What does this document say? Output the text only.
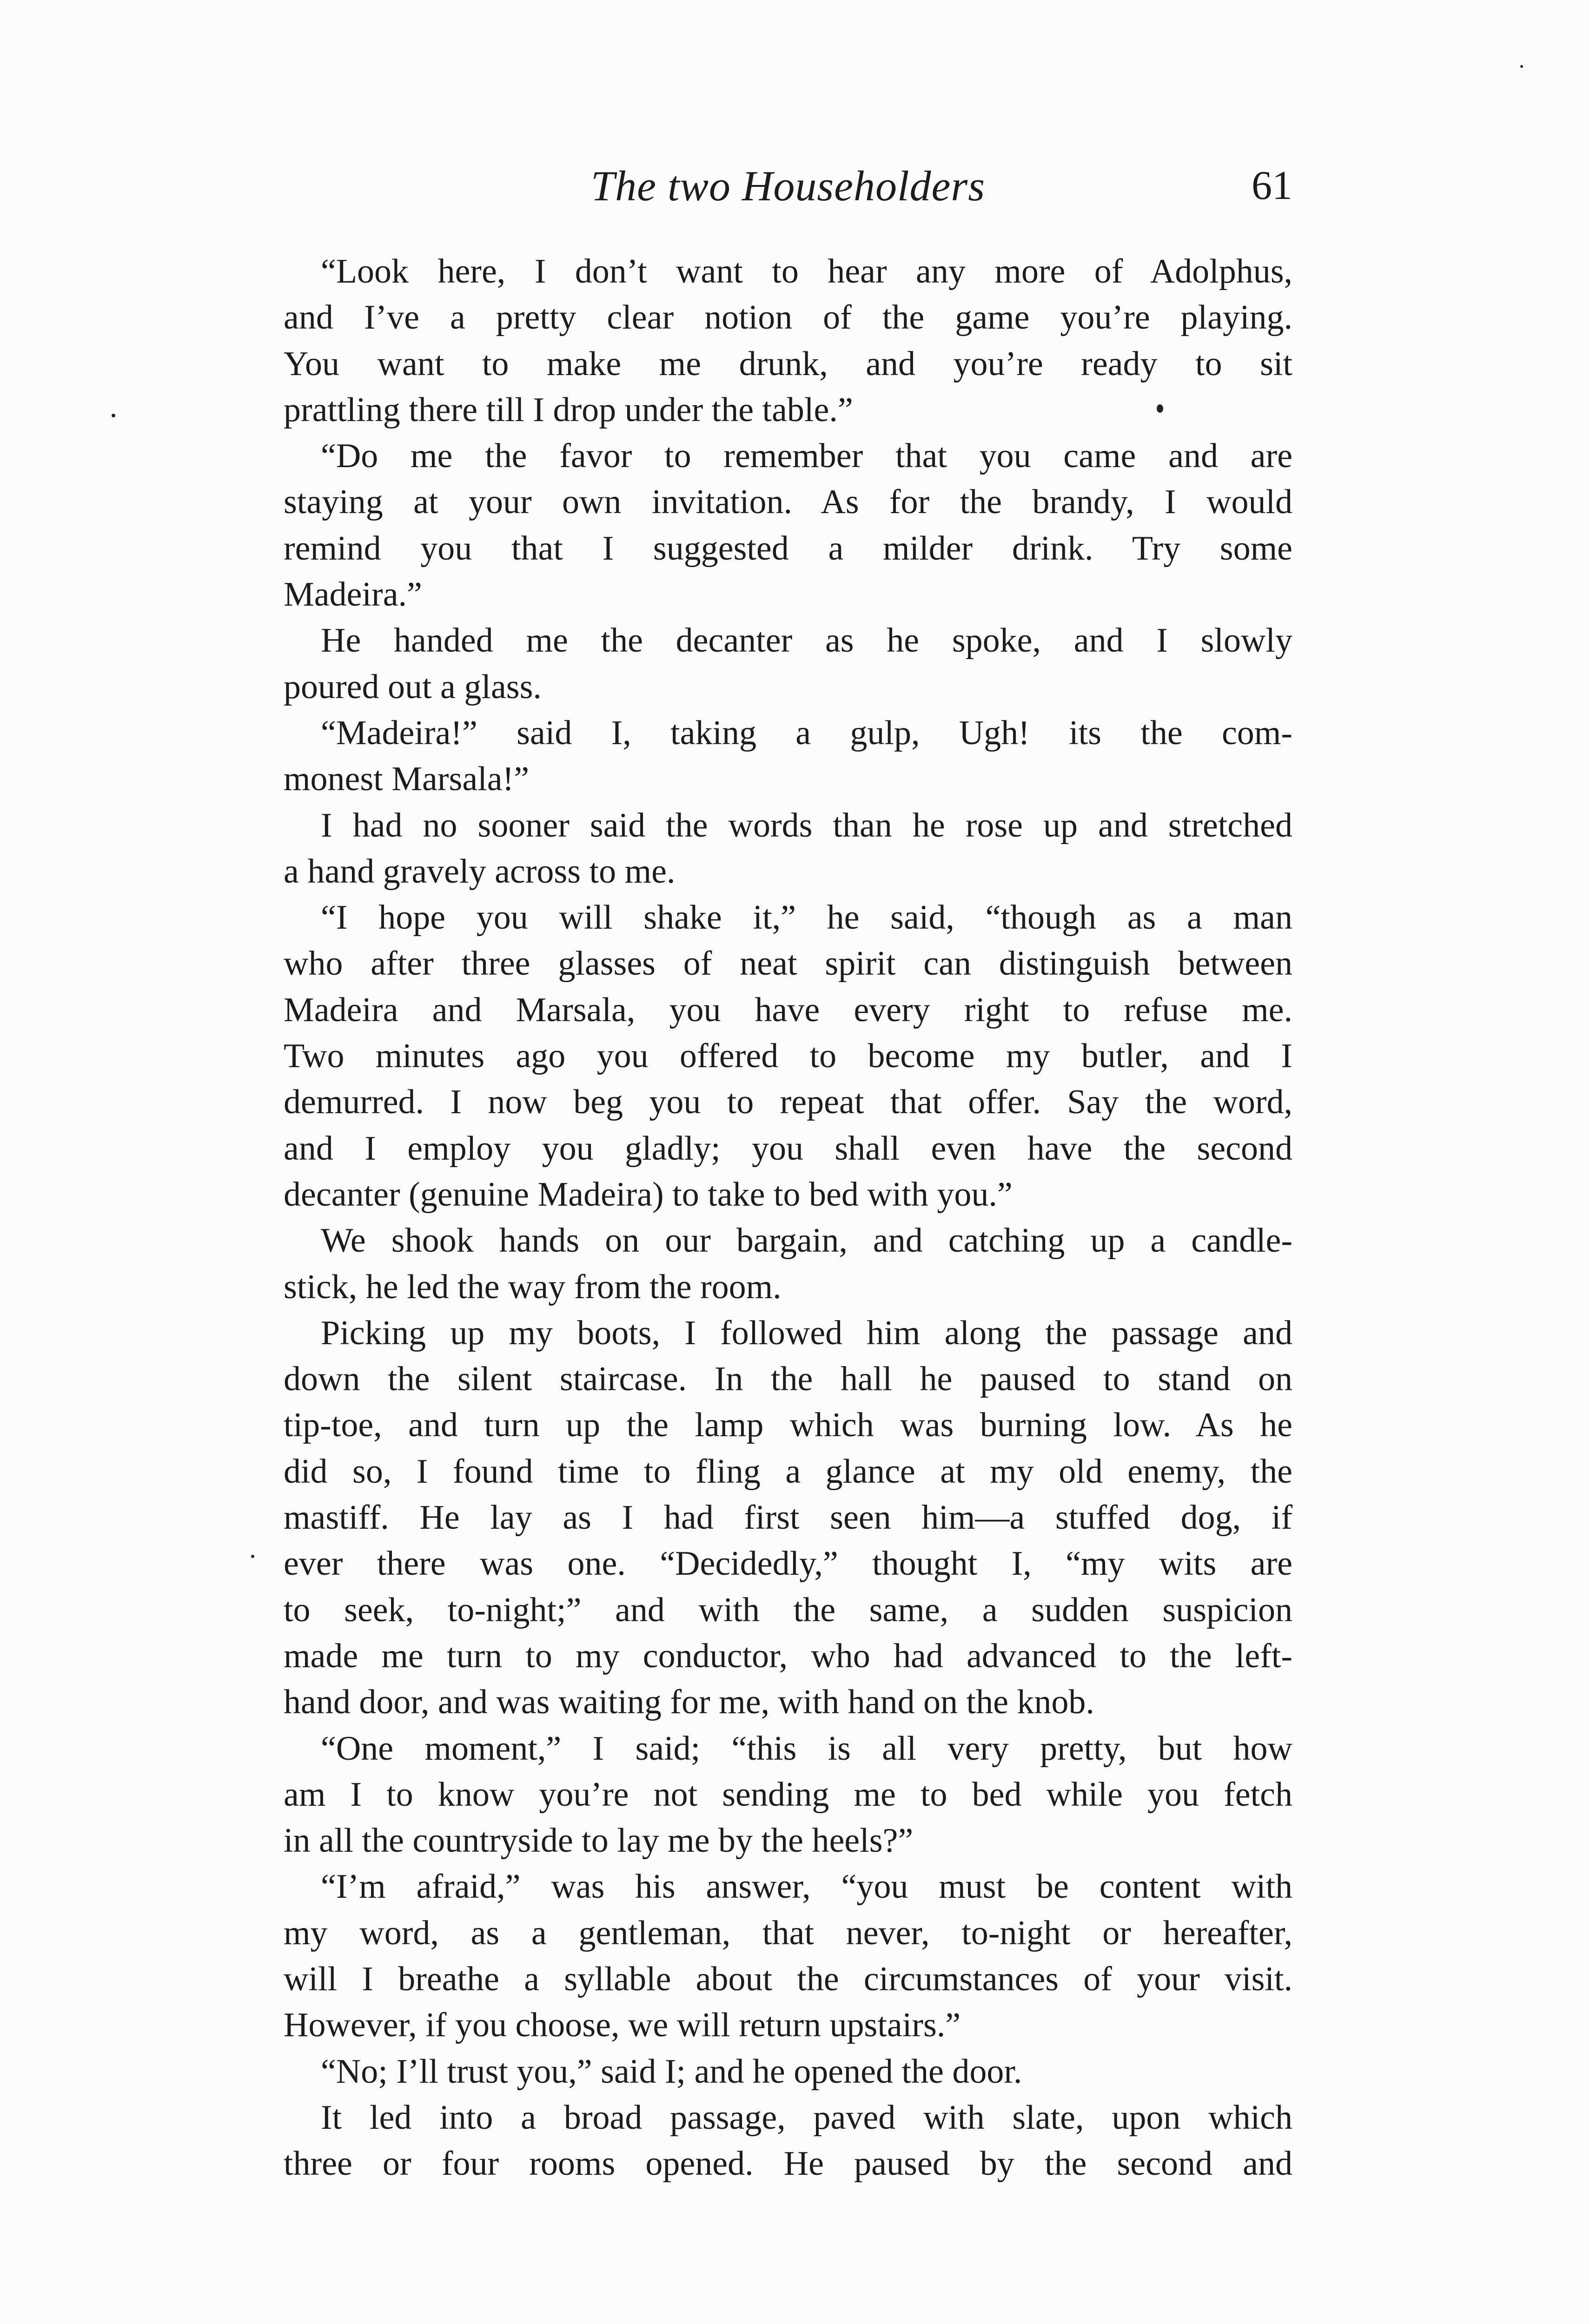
The two Householders	61
“Look here, I don’t want to hear any more of Adolphus,
and I’ve a pretty clear notion of the game you’re playing.
You want to make me drunk, and you’re ready to sit
prattling there till I drop under the table.”
“Do me the favor to remember that you came and are
staying at your own invitation. As for the brandy, I would
remind you that I suggested a milder drink. Try some
Madeira.”
He handed me the decanter as he spoke, and I slowly
poured out a glass.
“Madeira!” said I, taking a gulp, Ugh! its the com-
monest Marsala!”
I had no sooner said the words than he rose up and stretched
a hand gravely across to me.
“I hope you will shake it,” he said, “though as a man
who after three glasses of neat spirit can distinguish between
Madeira and Marsala, you have every right to refuse me.
Two minutes ago you offered to become my butler, and I
demurred. I now beg you to repeat that offer. Say the word,
and I employ you gladly; you shall even have the second
decanter (genuine Madeira) to take to bed with you.”
We shook hands on our bargain, and catching up a candle-
stick, he led the way from the room.
Picking up my boots, I followed him along the passage and
down the silent staircase. In the hall he paused to stand on
tip-toe, and turn up the lamp which was burning low. As he
did so, I found time to fling a glance at my old enemy, the
mastiff. He lay as I had first seen him—a stuffed dog, if
ever there was one. “Decidedly,” thought I, “my wits are
to seek, to-night;” and with the same, a sudden suspicion
made me turn to my conductor, who had advanced to the left-
hand door, and was waiting for me, with hand on the knob.
“One moment,” I said; “this is all very pretty, but how
am I to know you’re not sending me to bed while you fetch
in all the countryside to lay me by the heels?”
“I’m afraid,” was his answer, “you must be content with
my word, as a gentleman, that never, to-night or hereafter,
will I breathe a syllable about the circumstances of your visit.
However, if you choose, we will return upstairs.”
“No; I’ll trust you,” said I; and he opened the door.
It led into a broad passage, paved with slate, upon which
three or four rooms opened. He paused by the second and
